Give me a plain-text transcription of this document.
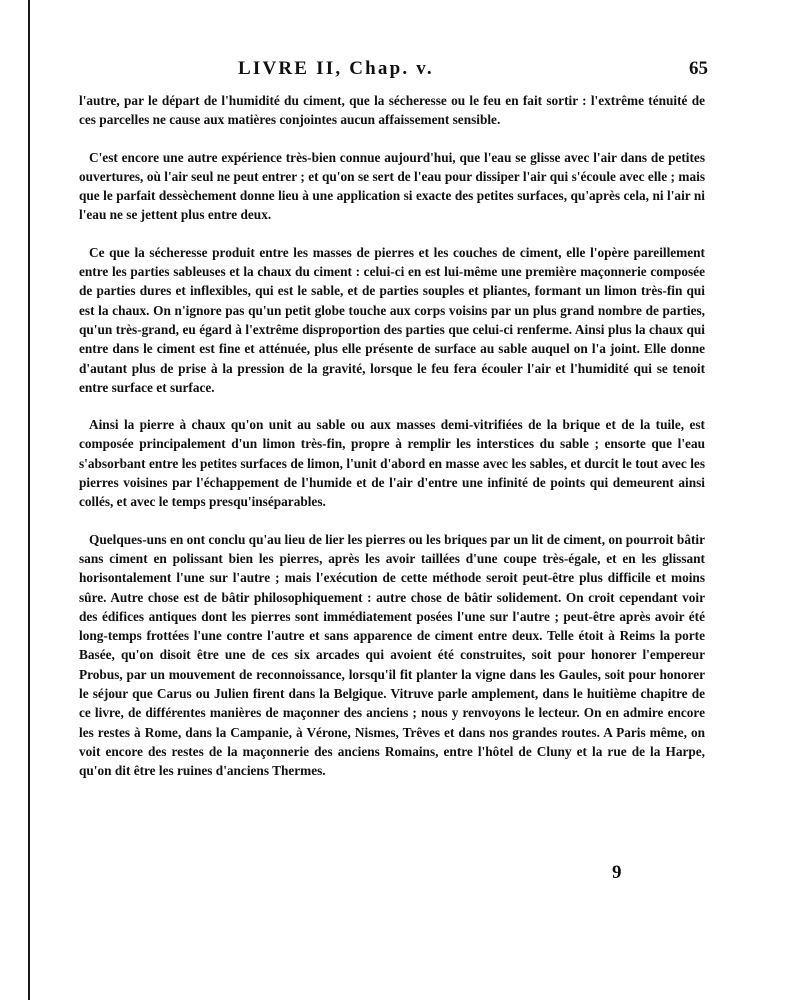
LIVRE II, Chap. v.	65

l'autre, par le départ de l'humidité du ciment, que la sécheresse ou le feu en fait sortir : l'extrême ténuité de ces parcelles ne cause aux matières conjointes aucun affaissement sensible.

C'est encore une autre expérience très-bien connue aujourd'hui, que l'eau se glisse avec l'air dans de petites ouvertures, où l'air seul ne peut entrer ; et qu'on se sert de l'eau pour dissiper l'air qui s'écoule avec elle ; mais que le parfait dessèchement donne lieu à une application si exacte des petites surfaces, qu'après cela, ni l'air ni l'eau ne se jettent plus entre deux.

Ce que la sécheresse produit entre les masses de pierres et les couches de ciment, elle l'opère pareillement entre les parties sableuses et la chaux du ciment : celui-ci en est lui-même une première maçonnerie composée de parties dures et inflexibles, qui est le sable, et de parties souples et pliantes, formant un limon très-fin qui est la chaux. On n'ignore pas qu'un petit globe touche aux corps voisins par un plus grand nombre de parties, qu'un très-grand, eu égard à l'extrême disproportion des parties que celui-ci renferme. Ainsi plus la chaux qui entre dans le ciment est fine et atténuée, plus elle présente de surface au sable auquel on l'a joint. Elle donne d'autant plus de prise à la pression de la gravité, lorsque le feu fera écouler l'air et l'humidité qui se tenoit entre surface et surface.

Ainsi la pierre à chaux qu'on unit au sable ou aux masses demi-vitrifiées de la brique et de la tuile, est composée principalement d'un limon très-fin, propre à remplir les interstices du sable ; ensorte que l'eau s'absorbant entre les petites surfaces de limon, l'unit d'abord en masse avec les sables, et durcit le tout avec les pierres voisines par l'échappement de l'humide et de l'air d'entre une infinité de points qui demeurent ainsi collés, et avec le temps presqu'inséparables.

Quelques-uns en ont conclu qu'au lieu de lier les pierres ou les briques par un lit de ciment, on pourroit bâtir sans ciment en polissant bien les pierres, après les avoir taillées d'une coupe très-égale, et en les glissant horisontalement l'une sur l'autre ; mais l'exécution de cette méthode seroit peut-être plus difficile et moins sûre. Autre chose est de bâtir philosophiquement : autre chose de bâtir solidement. On croit cependant voir des édifices antiques dont les pierres sont immédiatement posées l'une sur l'autre ; peut-être après avoir été long-temps frottées l'une contre l'autre et sans apparence de ciment entre deux. Telle étoit à Reims la porte Basée, qu'on disoit être une de ces six arcades qui avoient été construites, soit pour honorer l'empereur Probus, par un mouvement de reconnoissance, lorsqu'il fit planter la vigne dans les Gaules, soit pour honorer le séjour que Carus ou Julien firent dans la Belgique. Vitruve parle amplement, dans le huitième chapitre de ce livre, de différentes manières de maçonner des anciens ; nous y renvoyons le lecteur. On en admire encore les restes à Rome, dans la Campanie, à Vérone, Nismes, Trêves et dans nos grandes routes. A Paris même, on voit encore des restes de la maçonnerie des anciens Romains, entre l'hôtel de Cluny et la rue de la Harpe, qu'on dit être les ruines d'anciens Thermes.

9
